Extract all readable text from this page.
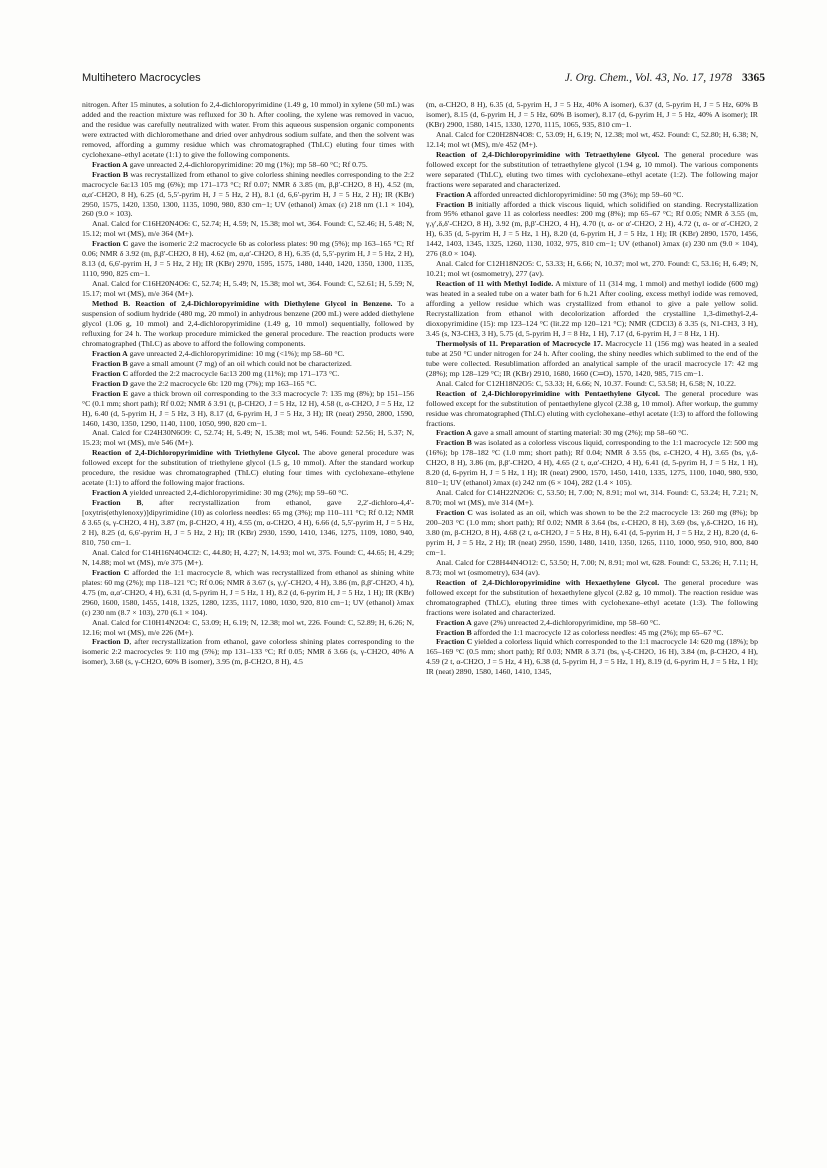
Multihetero Macrocycles	J. Org. Chem., Vol. 43, No. 17, 1978 3365

nitrogen. After 15 minutes, a solution fo 2,4-dichloropyrimidine (1.49 g, 10 mmol) in xylene (50 mL) was added and the reaction mixture was refluxed for 30 h. After cooling, the xylene was removed in vacuo, and the residue was carefully neutralized with water. From this aqueous suspension organic components were extracted with dichloromethane and dried over anhydrous sodium sulfate, and then the solvent was removed, affording a gummy residue which was chromatographed (ThLC) eluting four times with cyclohexane–ethyl acetate (1:1) to give the following components.

Fraction A gave unreacted 2,4-dichloropyrimidine: 20 mg (1%); mp 58–60 °C; Rf 0.75.

Fraction B was recrystallized from ethanol to give colorless shining needles corresponding to the 2:2 macrocycle 6a:13 105 mg (6%); mp 171–173 °C; Rf 0.07; NMR δ 3.85 (m, β,β′-CH2O, 8 H), 4.52 (m, α,α′-CH2O, 8 H), 6.25 (d, 5,5′-pyrim H, J = 5 Hz, 2 H), 8.1 (d, 6,6′-pyrim H, J = 5 Hz, 2 H); IR (KBr) 2950, 1575, 1420, 1350, 1300, 1135, 1090, 980, 830 cm−1; UV (ethanol) λmax (ε) 218 nm (1.1 × 104), 260 (9.0 × 103).

Anal. Calcd for C16H20N4O6: C, 52.74; H, 4.59; N, 15.38; mol wt, 364. Found: C, 52.46; H, 5.48; N, 15.12; mol wt (MS), m/e 364 (M+).

Fraction C gave the isomeric 2:2 macrocycle 6b as colorless plates: 90 mg (5%); mp 163–165 °C; Rf 0.06; NMR δ 3.92 (m, β,β′-CH2O, 8 H), 4.62 (m, α,α′-CH2O, 8 H), 6.35 (d, 5,5′-pyrim H, J = 5 Hz, 2 H), 8.13 (d, 6,6′-pyrim H, J = 5 Hz, 2 H); IR (KBr) 2970, 1595, 1575, 1480, 1440, 1420, 1350, 1300, 1135, 1110, 990, 825 cm−1.

Anal. Calcd for C16H20N4O6: C, 52.74; H, 5.49; N, 15.38; mol wt, 364. Found: C, 52.61; H, 5.59; N, 15.17; mol wt (MS), m/e 364 (M+).

Method B. Reaction of 2,4-Dichloropyrimidine with Diethylene Glycol in Benzene. To a suspension of sodium hydride (480 mg, 20 mmol) in anhydrous benzene (200 mL) were added diethylene glycol (1.06 g, 10 mmol) and 2,4-dichloropyrimidine (1.49 g, 10 mmol) sequentially, followed by refluxing for 24 h. The workup procedure mimicked the general procedure. The reaction products were chromatographed (ThLC) as above to afford the following components.

Fraction A gave unreacted 2,4-dichloropyrimidine: 10 mg (<1%); mp 58–60 °C.

Fraction B gave a small amount (7 mg) of an oil which could not be characterized.

Fraction C afforded the 2:2 macrocycle 6a:13 200 mg (11%); mp 171–173 °C.

Fraction D gave the 2:2 macrocycle 6b: 120 mg (7%); mp 163–165 °C.

Fraction E gave a thick brown oil corresponding to the 3:3 macrocycle 7: 135 mg (8%); bp 151–156 °C (0.1 mm; short path); Rf 0.02; NMR δ 3.91 (t, β-CH2O, J = 5 Hz, 12 H), 4.58 (t, α-CH2O, J = 5 Hz, 12 H), 6.40 (d, 5-pyrim H, J = 5 Hz, 3 H), 8.17 (d, 6-pyrim H, J = 5 Hz, 3 H); IR (neat) 2950, 2800, 1590, 1460, 1430, 1350, 1290, 1140, 1100, 1050, 990, 820 cm−1.

Anal. Calcd for C24H30N6O9: C, 52.74; H, 5.49; N, 15.38; mol wt, 546. Found: 52.56; H, 5.37; N, 15.23; mol wt (MS), m/e 546 (M+).

Reaction of 2,4-Dichloropyrimidine with Triethylene Glycol. The above general procedure was followed except for the substitution of triethylene glycol (1.5 g, 10 mmol). After the standard workup procedure, the residue was chromatographed (ThLC) eluting four times with cyclohexane–ethylene acetate (1:1) to afford the following major fractions.

Fraction A yielded unreacted 2,4-dichloropyrimidine: 30 mg (2%); mp 59–60 °C.

Fraction B, after recrystallization from ethanol, gave 2,2′-dichloro-4,4′-[oxytris(ethylenoxy)]dipyrimidine (10) as colorless needles: 65 mg (3%); mp 110–111 °C; Rf 0.12; NMR δ 3.65 (s, γ-CH2O, 4 H), 3.87 (m, β-CH2O, 4 H), 4.55 (m, α-CH2O, 4 H), 6.66 (d, 5,5′-pyrim H, J = 5 Hz, 2 H), 8.25 (d, 6,6′-pyrim H, J = 5 Hz, 2 H); IR (KBr) 2930, 1590, 1410, 1346, 1275, 1109, 1080, 940, 810, 750 cm−1.

Anal. Calcd for C14H16N4O4Cl2: C, 44.80; H, 4.27; N, 14.93; mol wt, 375. Found: C, 44.65; H, 4.29; N, 14.88; mol wt (MS), m/e 375 (M+).

Fraction C afforded the 1:1 macrocycle 8, which was recrystallized from ethanol as shining white plates: 60 mg (2%); mp 118–121 °C; Rf 0.06; NMR δ 3.67 (s, γ,γ′-CH2O, 4 H), 3.86 (m, β,β′-CH2O, 4 h), 4.75 (m, α,α′-CH2O, 4 H), 6.31 (d, 5-pyrim H, J = 5 Hz, 1 H), 8.2 (d, 6-pyrim H, J = 5 Hz, 1 H); IR (KBr) 2960, 1600, 1580, 1455, 1418, 1325, 1280, 1235, 1117, 1080, 1030, 920, 810 cm−1; UV (ethanol) λmax (ε) 230 nm (8.7 × 103), 270 (6.1 × 104).

Anal. Calcd for C10H14N2O4: C, 53.09; H, 6.19; N, 12.38; mol wt, 226. Found: C, 52.89; H, 6.26; N, 12.16; mol wt (MS), m/e 226 (M+).

Fraction D, after recrystallization from ethanol, gave colorless shining plates corresponding to the isomeric 2:2 macrocycles 9: 110 mg (5%); mp 131–133 °C; Rf 0.05; NMR δ 3.66 (s, γ-CH2O, 40% A isomer), 3.68 (s, γ-CH2O, 60% B isomer), 3.95 (m, β-CH2O, 8 H), 4.5

(m, α-CH2O, 8 H), 6.35 (d, 5-pyrim H, J = 5 Hz, 40% A isomer), 6.37 (d, 5-pyrim H, J = 5 Hz, 60% B isomer), 8.15 (d, 6-pyrim H, J = 5 Hz, 60% B isomer), 8.17 (d, 6-pyrim H, J = 5 Hz, 40% A isomer); IR (KBr) 2900, 1580, 1415, 1330, 1270, 1115, 1065, 935, 810 cm−1.

Anal. Calcd for C20H28N4O8: C, 53.09; H, 6.19; N, 12.38; mol wt, 452. Found: C, 52.80; H, 6.38; N, 12.14; mol wt (MS), m/e 452 (M+).

Reaction of 2,4-Dichloropyrimidine with Tetraethylene Glycol. The general procedure was followed except for the substitution of tetraethylene glycol (1.94 g, 10 mmol). The various components were separated (ThLC), eluting two times with cyclohexane–ethyl acetate (1:2). The following major fractions were separated and characterized.

Fraction A afforded unreacted dichloropyrimidine: 50 mg (3%); mp 59–60 °C.

Fraction B initially afforded a thick viscous liquid, which solidified on standing. Recrystallization from 95% ethanol gave 11 as colorless needles: 200 mg (8%); mp 65–67 °C; Rf 0.05; NMR δ 3.55 (m, γ,γ′,δ,δ′-CH2O, 8 H), 3.92 (m, β,β′-CH2O, 4 H), 4.70 (t, α- or α′-CH2O, 2 H), 4.72 (t, α- or α′-CH2O, 2 H), 6.35 (d, 5-pyrim H, J = 5 Hz, 1 H), 8.20 (d, 6-pyrim H, J = 5 Hz, 1 H); IR (KBr) 2890, 1570, 1456, 1442, 1403, 1345, 1325, 1260, 1130, 1032, 975, 810 cm−1; UV (ethanol) λmax (ε) 230 nm (9.0 × 104), 276 (8.0 × 104).

Anal. Calcd for C12H18N2O5: C, 53.33; H, 6.66; N, 10.37; mol wt, 270. Found: C, 53.16; H, 6.49; N, 10.21; mol wt (osmometry), 277 (av).

Reaction of 11 with Methyl Iodide. A mixture of 11 (314 mg, 1 mmol) and methyl iodide (600 mg) was heated in a sealed tube on a water bath for 6 h.21 After cooling, excess methyl iodide was removed, affording a yellow residue which was crystallized from ethanol to give a pale yellow solid. Recrystallization from ethanol with decolorization afforded the crystalline 1,3-dimethyl-2,4-dioxopyrimidine (15): mp 123–124 °C (lit.22 mp 120–121 °C); NMR (CDCl3) δ 3.35 (s, N1-CH3, 3 H), 3.45 (s, N3-CH3, 3 H), 5.75 (d, 5-pyrim H, J = 8 Hz, 1 H), 7.17 (d, 6-pyrim H, J = 8 Hz, 1 H).

Thermolysis of 11. Preparation of Macrocycle 17. Macrocycle 11 (156 mg) was heated in a sealed tube at 250 °C under nitrogen for 24 h. After cooling, the shiny needles which sublimed to the end of the tube were collected. Resublimation afforded an analytical sample of the uracil macrocycle 17: 42 mg (28%); mp 128–129 °C; IR (KBr) 2910, 1680, 1660 (C═O), 1570, 1420, 985, 715 cm−1.

Anal. Calcd for C12H18N2O5: C, 53.33; H, 6.66; N, 10.37. Found: C, 53.58; H, 6.58; N, 10.22.

Reaction of 2,4-Dichloropyrimidine with Pentaethylene Glycol. The general procedure was followed except for the substitution of pentaethylene glycol (2.38 g, 10 mmol). After workup, the gummy residue was chromatographed (ThLC) eluting with cyclohexane–ethyl acetate (1:3) to afford the following fractions.

Fraction A gave a small amount of starting material: 30 mg (2%); mp 58–60 °C.

Fraction B was isolated as a colorless viscous liquid, corresponding to the 1:1 macrocycle 12: 500 mg (16%); bp 178–182 °C (1.0 mm; short path); Rf 0.04; NMR δ 3.55 (bs, ε-CH2O, 4 H), 3.65 (bs, γ,δ-CH2O, 8 H), 3.86 (m, β,β′-CH2O, 4 H), 4.65 (2 t, α,α′-CH2O, 4 H), 6.41 (d, 5-pyrim H, J = 5 Hz, 1 H), 8.20 (d, 6-pyrim H, J = 5 Hz, 1 H); IR (neat) 2900, 1570, 1450, 1410, 1335, 1275, 1100, 1040, 980, 930, 810−1; UV (ethanol) λmax (ε) 242 nm (6 × 104), 282 (1.4 × 105).

Anal. Calcd for C14H22N2O6: C, 53.50; H, 7.00; N, 8.91; mol wt, 314. Found: C, 53.24; H, 7.21; N, 8.70; mol wt (MS), m/e 314 (M+).

Fraction C was isolated as an oil, which was shown to be the 2:2 macrocycle 13: 260 mg (8%); bp 200–203 °C (1.0 mm; short path); Rf 0.02; NMR δ 3.64 (bs, ε-CH2O, 8 H), 3.69 (bs, γ,δ-CH2O, 16 H), 3.80 (m, β-CH2O, 8 H), 4.68 (2 t, α-CH2O, J = 5 Hz, 8 H), 6.41 (d, 5-pyrim H, J = 5 Hz, 2 H), 8.20 (d, 6-pyrim H, J = 5 Hz, 2 H); IR (neat) 2950, 1590, 1480, 1410, 1350, 1265, 1110, 1000, 950, 910, 800, 840 cm−1.

Anal. Calcd for C28H44N4O12: C, 53.50; H, 7.00; N, 8.91; mol wt, 628. Found: C, 53.26; H, 7.11; H, 8.73; mol wt (osmometry), 634 (av).

Reaction of 2,4-Dichloropyrimidine with Hexaethylene Glycol. The general procedure was followed except for the substitution of hexaethylene glycol (2.82 g, 10 mmol). The reaction residue was chromatographed (ThLC), eluting three times with cyclohexane–ethyl acetate (1:3). The following fractions were isolated and characterized.

Fraction A gave (2%) unreacted 2,4-dichloropyrimidine, mp 58–60 °C.

Fraction B afforded the 1:1 macrocycle 12 as colorless needles: 45 mg (2%); mp 65–67 °C.

Fraction C yielded a colorless liquid which corresponded to the 1:1 macrocycle 14: 620 mg (18%); bp 165–169 °C (0.5 mm; short path); Rf 0.03; NMR δ 3.71 (bs, γ-ξ-CH2O, 16 H), 3.84 (m, β-CH2O, 4 H), 4.59 (2 t, α-CH2O, J = 5 Hz, 4 H), 6.38 (d, 5-pyrim H, J = 5 Hz, 1 H), 8.19 (d, 6-pyrim H, J = 5 Hz, 1 H); IR (neat) 2890, 1580, 1460, 1410, 1345,
